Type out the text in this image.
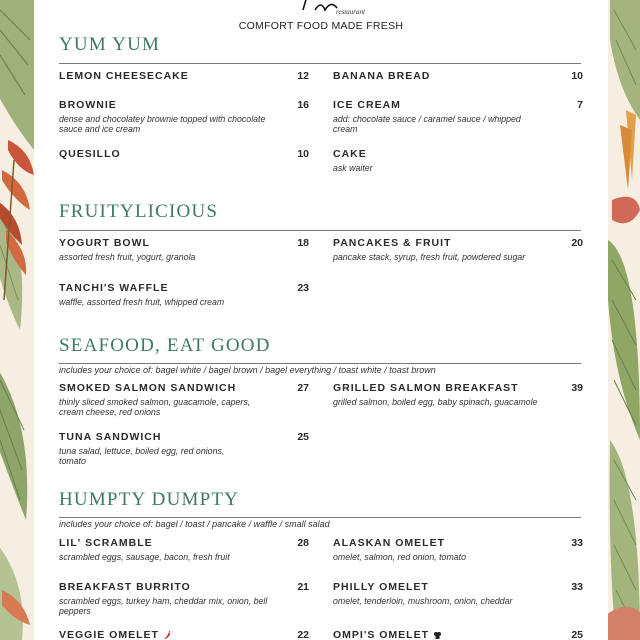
restaurant
COMFORT FOOD MADE FRESH
YUM YUM
LEMON CHEESECAKE	12 BANANA BREAD	10
BROWNIE	16
dense and chocolatey brownie topped with chocolate sauce and ice cream
ICE CREAM	7
add: chocolate sauce / caramel sauce / whipped cream
QUESILLO	10 CAKE
ask waiter
FRUITYLICIOUS
YOGURT BOWL	18
assorted fresh fruit, yogurt, granola
PANCAKES & FRUIT	20
pancake stack, syrup, fresh fruit, powdered sugar
TANCHI'S WAFFLE	23
waffle, assorted fresh fruit, whipped cream
SEAFOOD, EAT GOOD
includes your choice of: bagel white / bagel brown / bagel everything / toast white / toast brown
SMOKED SALMON SANDWICH	27
thinly sliced smoked salmon, guacamole, capers, cream cheese, red onions
GRILLED SALMON BREAKFAST	39
grilled salmon, boiled egg, baby spinach, guacamole
TUNA SANDWICH	25
tuna salad, lettuce, boiled egg, red onions, tomato
HUMPTY DUMPTY
includes your choice of: bagel / toast / pancake / waffle / small salad
LIL' SCRAMBLE	28
scrambled eggs, sausage, bacon, fresh fruit
ALASKAN OMELET	33
omelet, salmon, red onion, tomato
BREAKFAST BURRITO	21
scrambled eggs, turkey ham, cheddar mix, onion, bell peppers
PHILLY OMELET	33
omelet, tenderloin, mushroom, onion, cheddar
VEGGIE OMELET	22 OMPI'S OMELET	25
